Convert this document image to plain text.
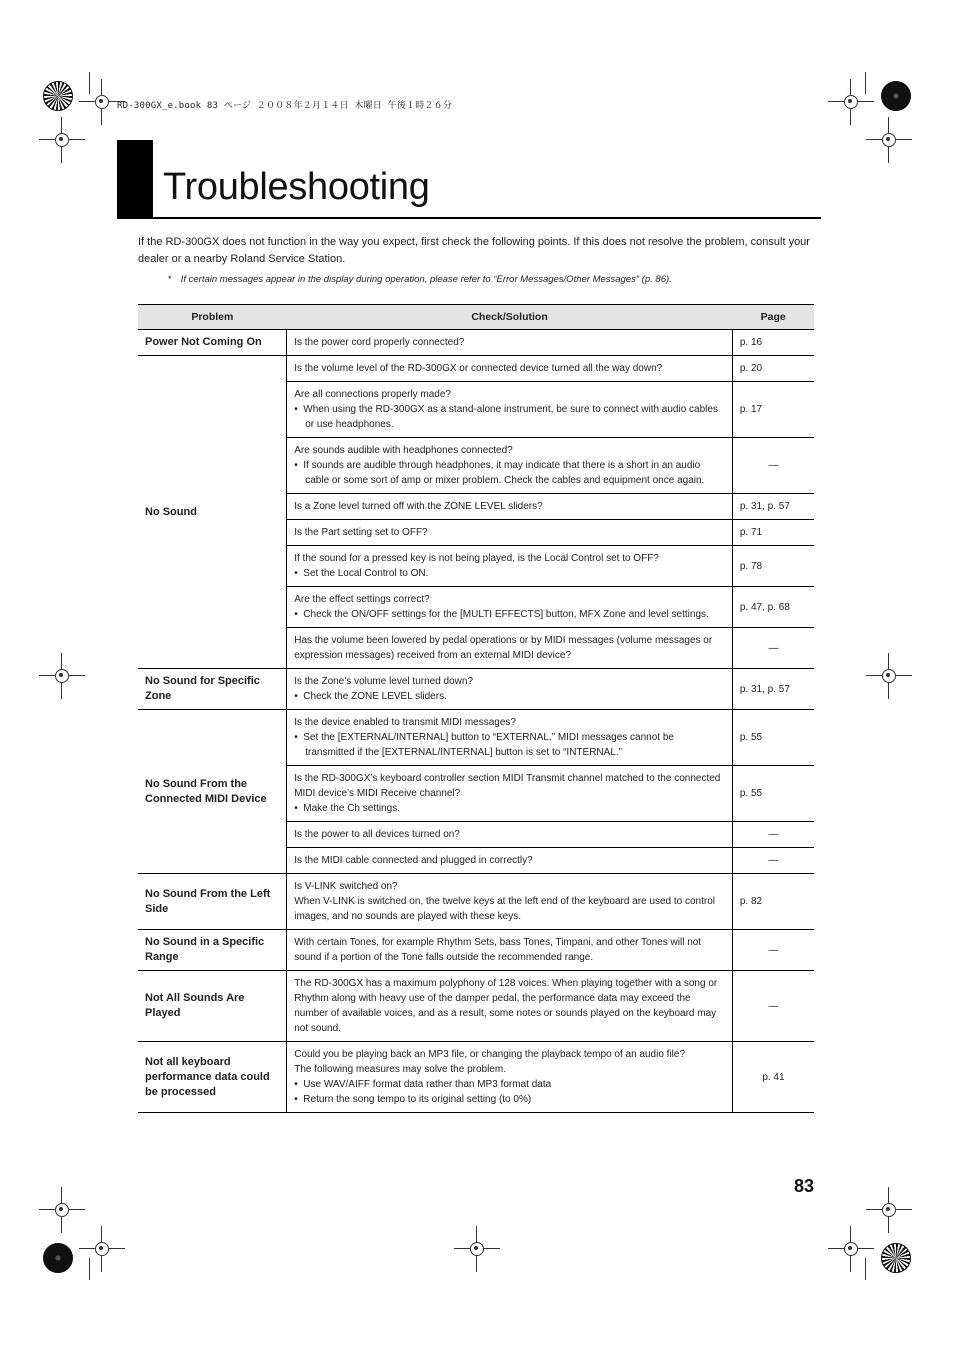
RD-300GX_e.book 83 ページ ２００８年２月１４日 木曜日 午後１時２６分
Troubleshooting

If the RD-300GX does not function in the way you expect, first check the following points. If this does not resolve the problem, consult your dealer or a nearby Roland Service Station.

* If certain messages appear in the display during operation, please refer to “Error Messages/Other Messages” (p. 86).

Problem	Check/Solution	Page
Power Not Coming On	Is the power cord properly connected?	p. 16
No Sound	Is the volume level of the RD-300GX or connected device turned all the way down?	p. 20
	Are all connections properly made?
•  When using the RD-300GX as a stand-alone instrument, be sure to connect with audio cables or use headphones.	p. 17
	Are sounds audible with headphones connected?
•  If sounds are audible through headphones, it may indicate that there is a short in an audio cable or some sort of amp or mixer problem. Check the cables and equipment once again.	—
	Is a Zone level turned off with the ZONE LEVEL sliders?	p. 31, p. 57
	Is the Part setting set to OFF?	p. 71
	If the sound for a pressed key is not being played, is the Local Control set to OFF?
•  Set the Local Control to ON.	p. 78
	Are the effect settings correct?
•  Check the ON/OFF settings for the [MULTI EFFECTS] button, MFX Zone and level settings.	p. 47, p. 68
	Has the volume been lowered by pedal operations or by MIDI messages (volume messages or expression messages) received from an external MIDI device?	—
No Sound for Specific Zone	Is the Zone’s volume level turned down?
•  Check the ZONE LEVEL sliders.	p. 31, p. 57
No Sound From the Connected MIDI Device	Is the device enabled to transmit MIDI messages?
•  Set the [EXTERNAL/INTERNAL] button to “EXTERNAL.” MIDI messages cannot be transmitted if the [EXTERNAL/INTERNAL] button is set to “INTERNAL.”	p. 55
	Is the RD-300GX’s keyboard controller section MIDI Transmit channel matched to the connected MIDI device’s MIDI Receive channel?
•  Make the Ch settings.	p. 55
	Is the power to all devices turned on?	—
	Is the MIDI cable connected and plugged in correctly?	—
No Sound From the Left Side	Is V-LINK switched on?
When V-LINK is switched on, the twelve keys at the left end of the keyboard are used to control images, and no sounds are played with these keys.	p. 82
No Sound in a Specific Range	With certain Tones, for example Rhythm Sets, bass Tones, Timpani, and other Tones will not sound if a portion of the Tone falls outside the recommended range.	—
Not All Sounds Are Played	The RD-300GX has a maximum polyphony of 128 voices. When playing together with a song or Rhythm along with heavy use of the damper pedal, the performance data may exceed the number of available voices, and as a result, some notes or sounds played on the keyboard may not sound.	—
Not all keyboard performance data could be processed	Could you be playing back an MP3 file, or changing the playback tempo of an audio file?
The following measures may solve the problem.
•  Use WAV/AIFF format data rather than MP3 format data
•  Return the song tempo to its original setting (to 0%)	p. 41
83
